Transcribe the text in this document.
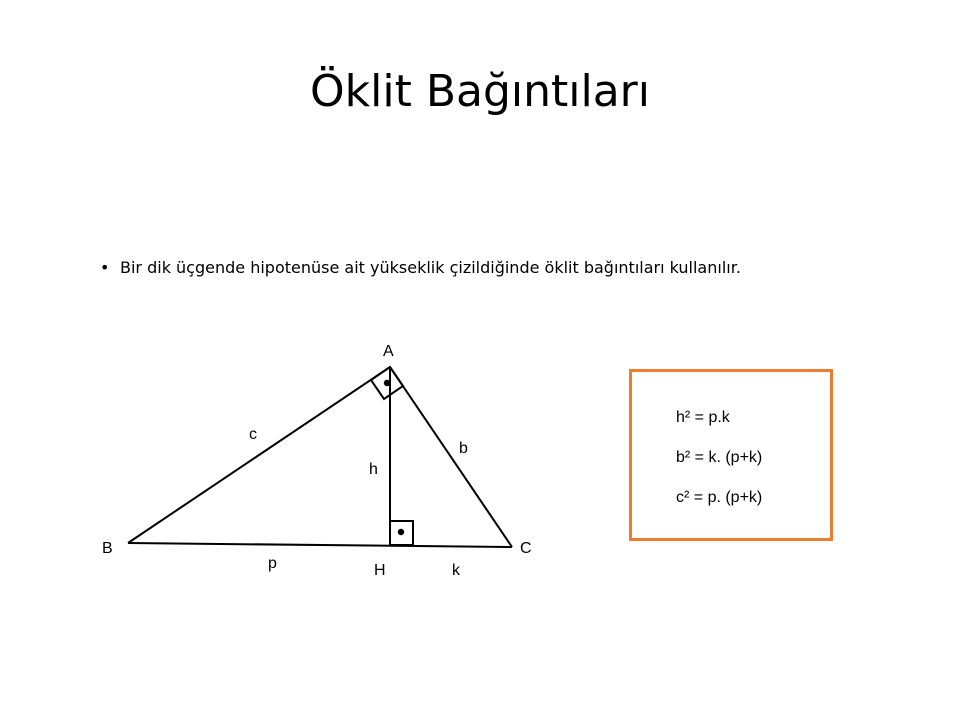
Öklit Bağıntıları
• Bir dik üçgende hipotenüse ait yükseklik çizildiğinde öklit bağıntıları kullanılır.
A
B	C
H
c
b
h
p	k
h² = p.k
b² = k. (p+k)
c² = p. (p+k)
